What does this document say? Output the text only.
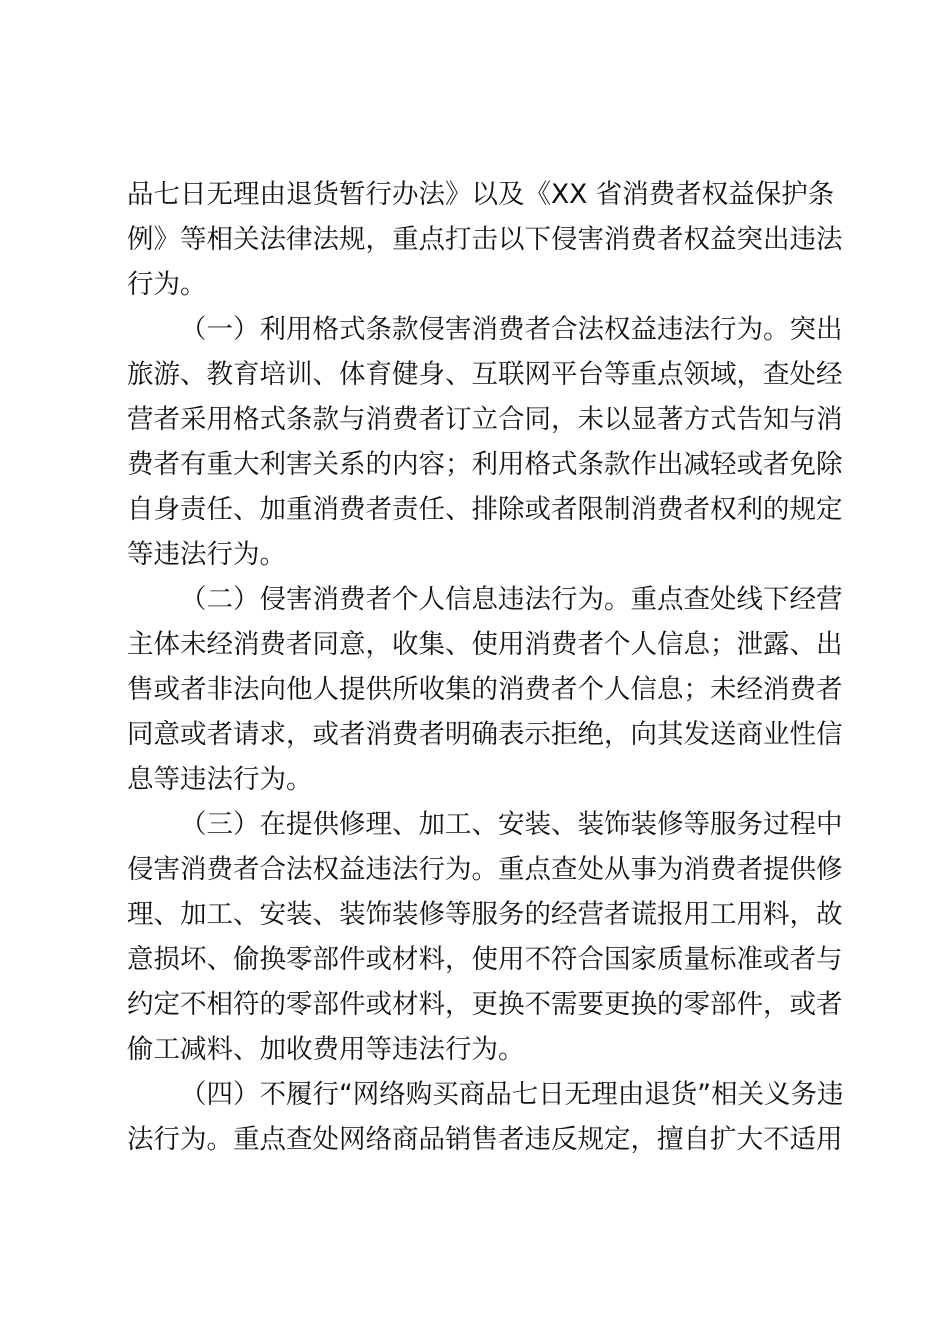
品七日无理由退货暂行办法》以及《XX 省消费者权益保护条
例》等相关法律法规，重点打击以下侵害消费者权益突出违法
行为。
（一）利用格式条款侵害消费者合法权益违法行为。突出
旅游、教育培训、体育健身、互联网平台等重点领域，查处经
营者采用格式条款与消费者订立合同，未以显著方式告知与消
费者有重大利害关系的内容；利用格式条款作出减轻或者免除
自身责任、加重消费者责任、排除或者限制消费者权利的规定
等违法行为。
（二）侵害消费者个人信息违法行为。重点查处线下经营
主体未经消费者同意，收集、使用消费者个人信息；泄露、出
售或者非法向他人提供所收集的消费者个人信息；未经消费者
同意或者请求，或者消费者明确表示拒绝，向其发送商业性信
息等违法行为。
（三）在提供修理、加工、安装、装饰装修等服务过程中
侵害消费者合法权益违法行为。重点查处从事为消费者提供修
理、加工、安装、装饰装修等服务的经营者谎报用工用料，故
意损坏、偷换零部件或材料，使用不符合国家质量标准或者与
约定不相符的零部件或材料，更换不需要更换的零部件，或者
偷工减料、加收费用等违法行为。
（四）不履行“网络购买商品七日无理由退货”相关义务违
法行为。重点查处网络商品销售者违反规定，擅自扩大不适用
